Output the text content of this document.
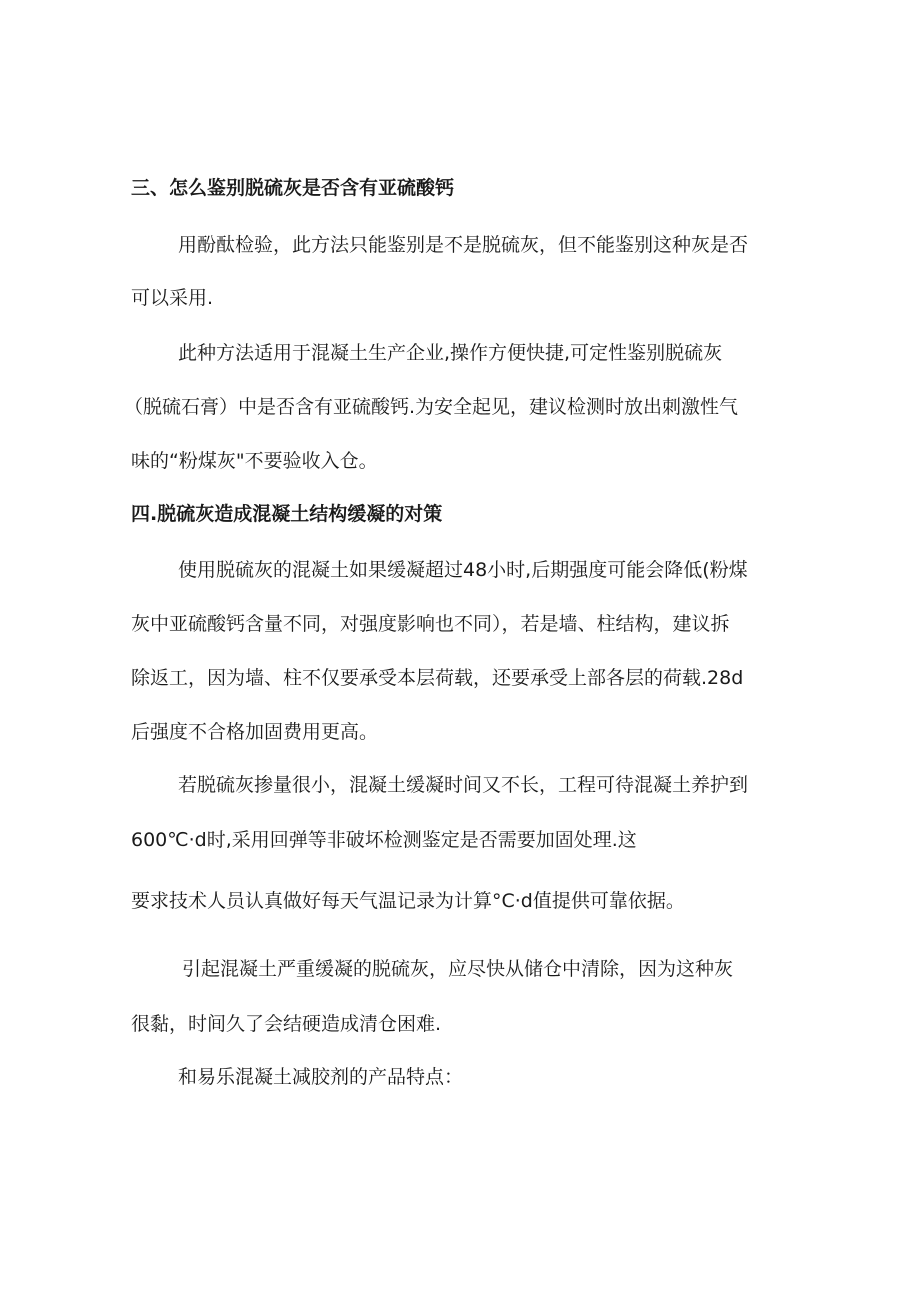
三、怎么鉴别脱硫灰是否含有亚硫酸钙

用酚酞检验，此方法只能鉴别是不是脱硫灰，但不能鉴别这种灰是否

可以采用.

此种方法适用于混凝土生产企业,操作方便快捷,可定性鉴别脱硫灰

（脱硫石膏）中是否含有亚硫酸钙.为安全起见，建议检测时放出刺激性气

味的“粉煤灰"不要验收入仓。

四.脱硫灰造成混凝土结构缓凝的对策

使用脱硫灰的混凝土如果缓凝超过48小时,后期强度可能会降低(粉煤

灰中亚硫酸钙含量不同，对强度影响也不同），若是墙、柱结构，建议拆

除返工，因为墙、柱不仅要承受本层荷载，还要承受上部各层的荷载.28d

后强度不合格加固费用更高。

若脱硫灰掺量很小，混凝土缓凝时间又不长，工程可待混凝土养护到

600℃·d时,采用回弹等非破坏检测鉴定是否需要加固处理.这

要求技术人员认真做好每天气温记录为计算°C·d值提供可靠依据。

引起混凝土严重缓凝的脱硫灰，应尽快从储仓中清除，因为这种灰

很黏，时间久了会结硬造成清仓困难.

和易乐混凝土减胶剂的产品特点：
